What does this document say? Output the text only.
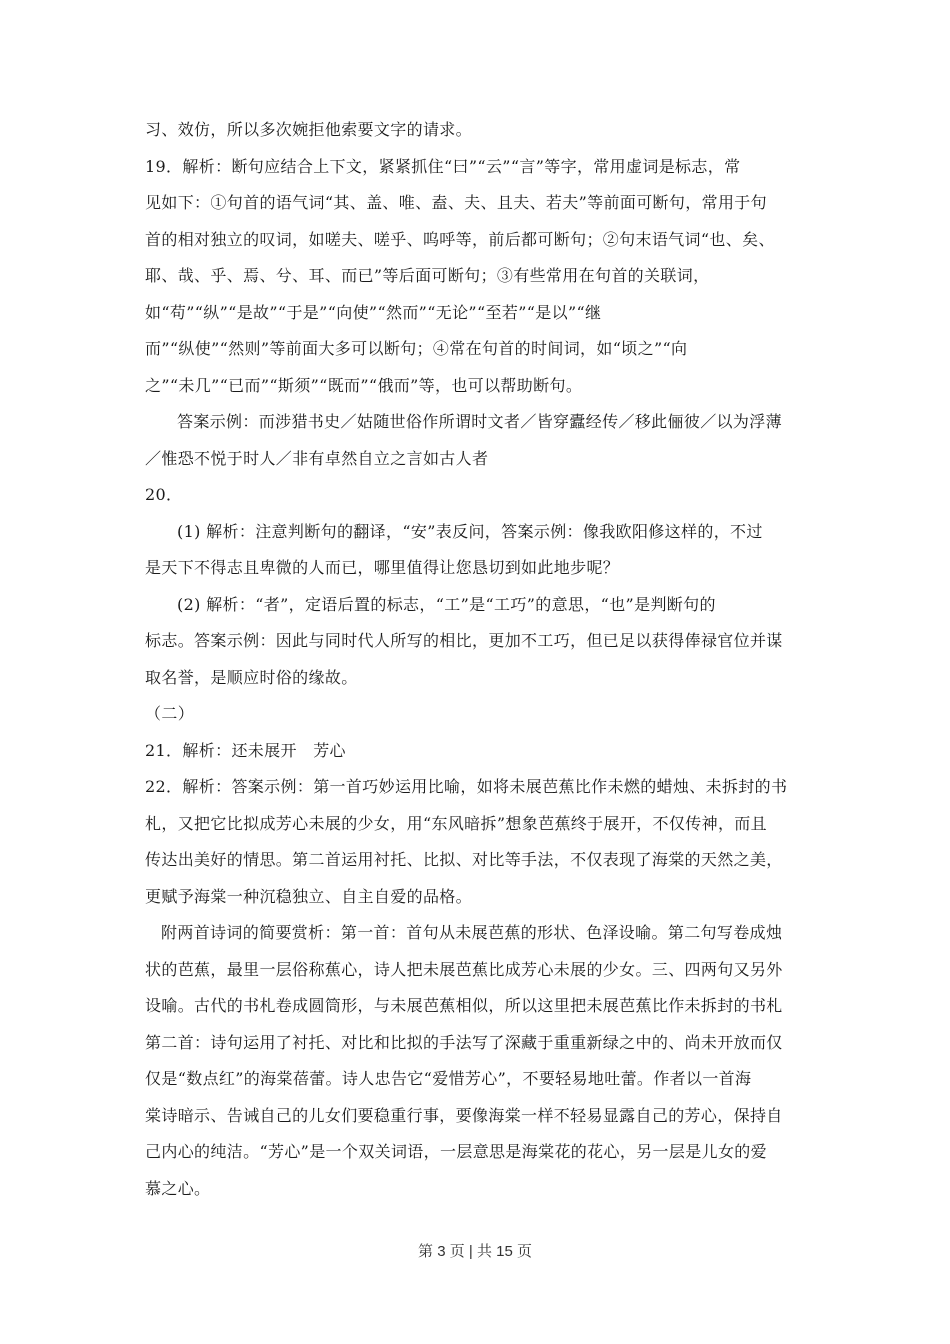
习、效仿，所以多次婉拒他索要文字的请求。
19．解析：断句应结合上下文，紧紧抓住“曰”“云”“言”等字，常用虚词是标志，常
见如下：①句首的语气词“其、盖、唯、盍、夫、且夫、若夫”等前面可断句，常用于句
首的相对独立的叹词，如嗟夫、嗟乎、呜呼等，前后都可断句；②句末语气词“也、矣、
耶、哉、乎、焉、兮、耳、而已”等后面可断句；③有些常用在句首的关联词，
如“苟”“纵”“是故”“于是”“向使”“然而”“无论”“至若”“是以”“继
而”“纵使”“然则”等前面大多可以断句；④常在句首的时间词，如“顷之”“向
之”“未几”“已而”“斯须”“既而”“俄而”等，也可以帮助断句。
答案示例：而涉猎书史／姑随世俗作所谓时文者／皆穿蠹经传／移此俪彼／以为浮薄
／惟恐不悦于时人／非有卓然自立之言如古人者
20．
(1) 解析：注意判断句的翻译，“安”表反问，答案示例：像我欧阳修这样的，不过
是天下不得志且卑微的人而已，哪里值得让您恳切到如此地步呢？
(2) 解析：“者”，定语后置的标志，“工”是“工巧”的意思，“也”是判断句的
标志。答案示例：因此与同时代人所写的相比，更加不工巧，但已足以获得俸禄官位并谋
取名誉，是顺应时俗的缘故。
（二）
21．解析：还未展开　芳心
22．解析：答案示例：第一首巧妙运用比喻，如将未展芭蕉比作未燃的蜡烛、未拆封的书
札，又把它比拟成芳心未展的少女，用“东风暗拆”想象芭蕉终于展开，不仅传神，而且
传达出美好的情思。第二首运用衬托、比拟、对比等手法，不仅表现了海棠的天然之美，
更赋予海棠一种沉稳独立、自主自爱的品格。
附两首诗词的简要赏析：第一首：首句从未展芭蕉的形状、色泽设喻。第二句写卷成烛
状的芭蕉，最里一层俗称蕉心，诗人把未展芭蕉比成芳心未展的少女。三、四两句又另外
设喻。古代的书札卷成圆筒形，与未展芭蕉相似，所以这里把未展芭蕉比作未拆封的书札
第二首：诗句运用了衬托、对比和比拟的手法写了深藏于重重新绿之中的、尚未开放而仅
仅是“数点红”的海棠蓓蕾。诗人忠告它“爱惜芳心”，不要轻易地吐蕾。作者以一首海
棠诗暗示、告诫自己的儿女们要稳重行事，要像海棠一样不轻易显露自己的芳心，保持自
己内心的纯洁。“芳心”是一个双关词语，一层意思是海棠花的花心，另一层是儿女的爱
慕之心。
第 3 页 | 共 15 页
